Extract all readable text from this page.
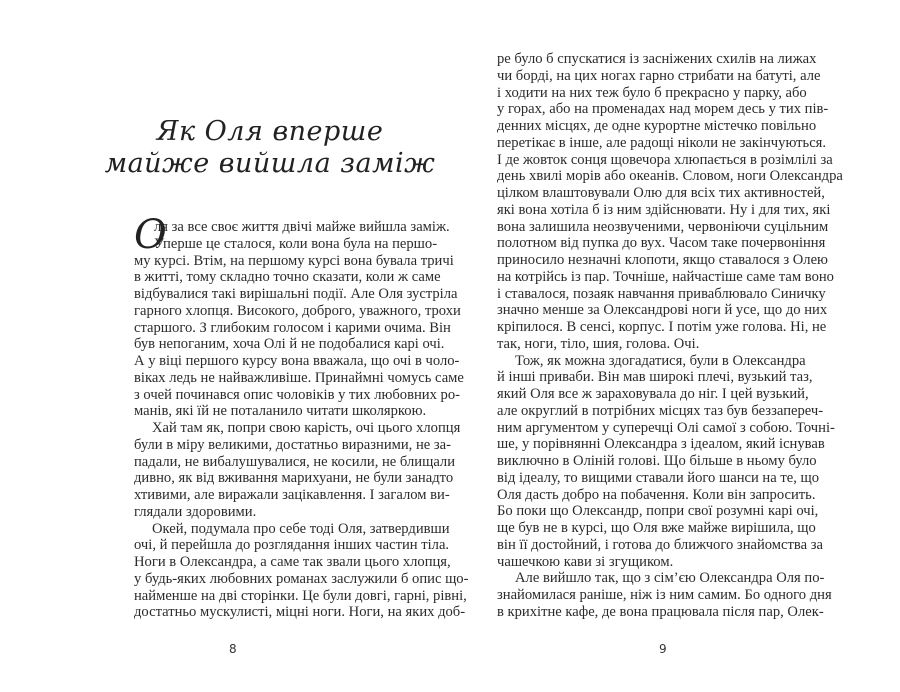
Як Оля вперше
майже вийшла заміж
О
ля за все своє життя двічі майже вийшла заміж.
Уперше це сталося, коли вона була на першо-
му курсі. Втім, на першому курсі вона бувала тричі
в житті, тому складно точно сказати, коли ж саме
відбувалися такі вирішальні події. Але Оля зустріла
гарного хлопця. Високого, доброго, уважного, трохи
старшого. З глибоким голосом і карими очима. Він
був непоганим, хоча Олі й не подобалися карі очі.
А у віці першого курсу вона вважала, що очі в чоло-
віках ледь не найважливіше. Принаймні чомусь саме
з очей починався опис чоловіків у тих любовних ро-
манів, які їй не поталанило читати школяркою.
Хай там як, попри свою карість, очі цього хлопця
були в міру великими, достатньо виразними, не за-
падали, не вибалушувалися, не косили, не блищали
дивно, як від вживання марихуани, не були занадто
хтивими, але виражали зацікавлення. І загалом ви-
глядали здоровими.
Окей, подумала про себе тоді Оля, затвердивши
очі, й перейшла до розглядання інших частин тіла.
Ноги в Олександра, а саме так звали цього хлопця,
у будь-яких любовних романах заслужили б опис що-
найменше на дві сторінки. Це були довгі, гарні, рівні,
достатньо мускулисті, міцні ноги. Ноги, на яких доб-
8
ре було б спускатися із засніжених схилів на лижах
чи борді, на цих ногах гарно стрибати на батуті, але
і ходити на них теж було б прекрасно у парку, або
у горах, або на променадах над морем десь у тих пів-
денних місцях, де одне курортне містечко повільно
перетікає в інше, але радощі ніколи не закінчуються.
І де жовток сонця щовечора хлюпається в розімлілі за
день хвилі морів або океанів. Словом, ноги Олександра
цілком влаштовували Олю для всіх тих активностей,
які вона хотіла б із ним здійснювати. Ну і для тих, які
вона залишила неозвученими, червоніючи суцільним
полотном від пупка до вух. Часом таке почервоніння
приносило незначні клопоти, якщо ставалося з Олею
на котрійсь із пар. Точніше, найчастіше саме там воно
і ставалося, позаяк навчання приваблювало Синичку
значно менше за Олександрові ноги й усе, що до них
кріпилося. В сенсі, корпус. І потім уже голова. Ні, не
так, ноги, тіло, шия, голова. Очі.
Тож, як можна здогадатися, були в Олександра
й інші приваби. Він мав широкі плечі, вузький таз,
який Оля все ж зараховувала до ніг. І цей вузький,
але округлий в потрібних місцях таз був беззапереч-
ним аргументом у суперечці Олі самої з собою. Точні-
ше, у порівнянні Олександра з ідеалом, який існував
виключно в Оліній голові. Що більше в ньому було
від ідеалу, то вищими ставали його шанси на те, що
Оля дасть добро на побачення. Коли він запросить.
Бо поки що Олександр, попри свої розумні карі очі,
ще був не в курсі, що Оля вже майже вирішила, що
він її достойний, і готова до ближчого знайомства за
чашечкою кави зі згущиком.
Але вийшло так, що з сім’єю Олександра Оля по-
знайомилася раніше, ніж із ним самим. Бо одного дня
в крихітне кафе, де вона працювала після пар, Олек-
9
